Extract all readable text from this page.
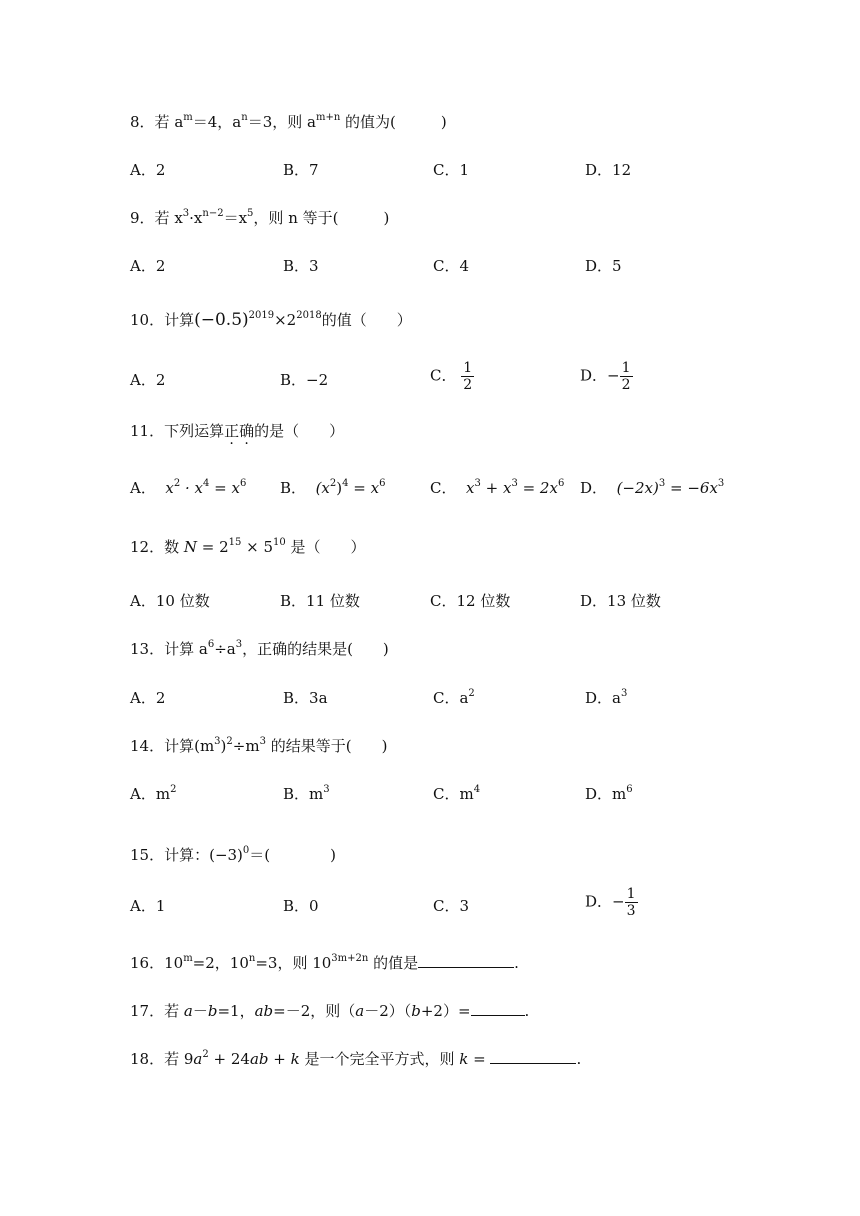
8．若 $a^m=4$，$a^n=3$，则 $a^{m+n}$ 的值为(　　　)
A．2	B．7	C．1	D．12
9．若 $x^3\cdot x^{n-2}=x^5$，则 n 等于(　　　)
A．2	B．3	C．4	D．5
10．计算$(-0.5)^{2019}\times 2^{2018}$的值（　　）
A．2	B．−2	C． $\frac{1}{2}$	D．− $\frac{1}{2}$
11．下列运算正确的是（　　）
A． $x^2 \cdot x^4 = x^6$ B． $(x^2)^4 = x^6$	C． $x^3 + x^3 = 2x^6$ D． $(-2x)^3 = -6x^3$
12．数 $N = 2^{15} \times 5^{10}$ 是（　　）
A．10 位数	B．11 位数	C．12 位数	D．13 位数
13．计算 $a^6\div a^3$，正确的结果是(　　)
A．2	B．3a	C．$a^2$	D．$a^3$
14．计算$(m^3)^2\div m^3$ 的结果等于(　　)
A．$m^2$	B．$m^3$	C．$m^4$	D．$m^6$
15．计算：$(-3)^0=$(　　　　)
A．1	B．0	C．3	D．− $\frac{1}{3}$
16．$10^m=2$，$10^n=3$，则 $10^{3m+2n}$ 的值是	.
17．若 a－b=1，ab=－2，则（a－2）（b+2）=	.
18．若 $9a^2 + 24ab + k$ 是一个完全平方式，则 k =	.
